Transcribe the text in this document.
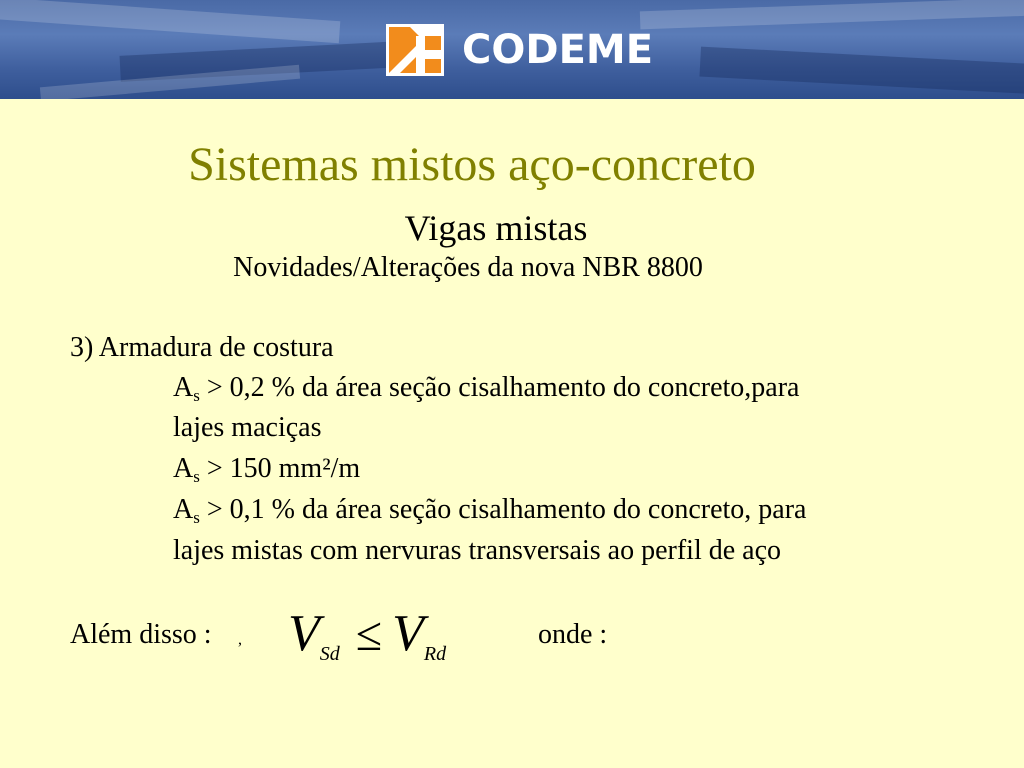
CODEME
Sistemas mistos aço-concreto
Vigas mistas
Novidades/Alterações da nova NBR 8800
3) Armadura de costura
$A_s > 0,2$ % da área seção cisalhamento do concreto,para
lajes maciças
$A_s > 150$ mm²/m
$A_s > 0,1$ % da área seção cisalhamento do concreto, para
lajes mistas com nervuras transversais ao perfil de aço
Além disso : , VSd ≤ VRd
onde :
